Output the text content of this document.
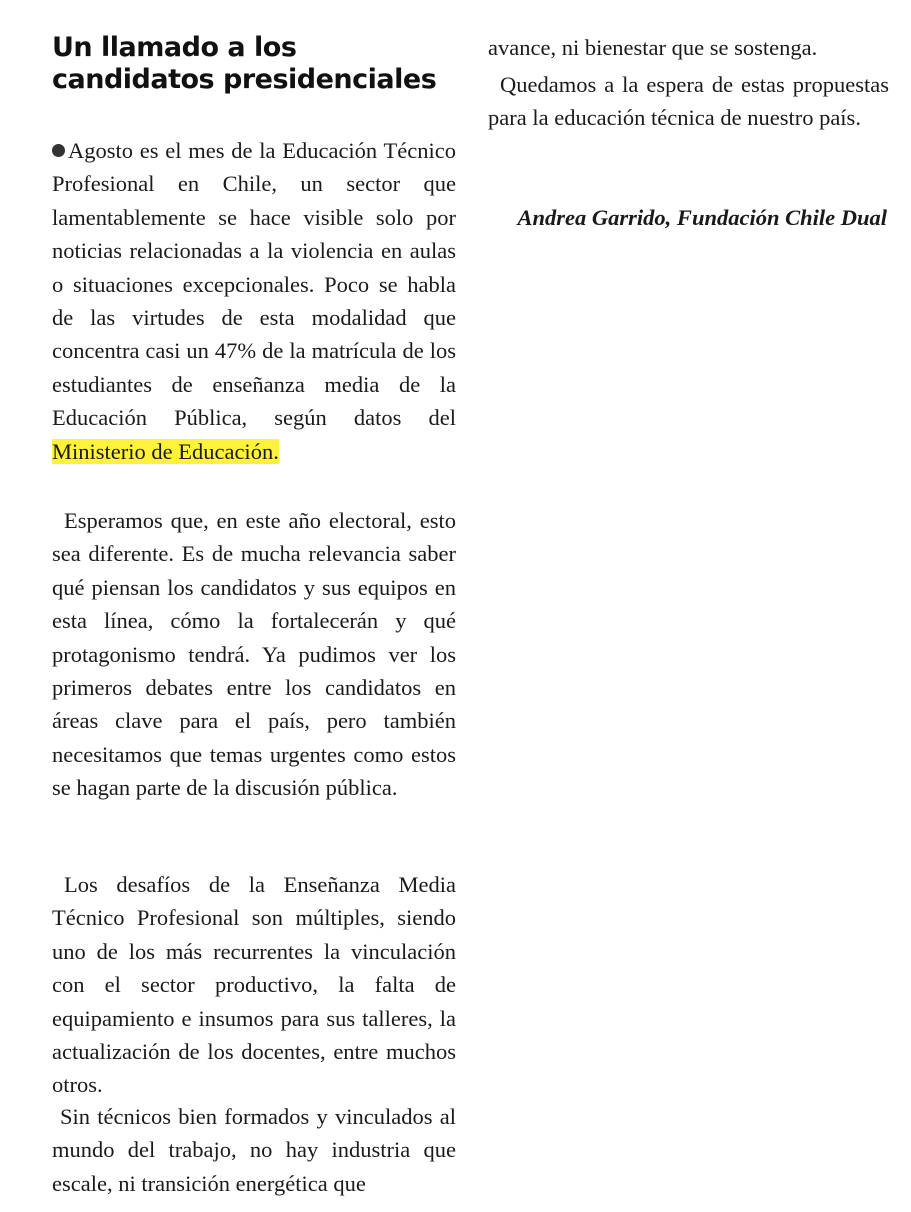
Un llamado a los candidatos presidenciales

Agosto es el mes de la Educación Técnico Profesional en Chile, un sector que lamentablemente se hace visible solo por noticias relacionadas a la violencia en aulas o situaciones excepcionales. Poco se habla de las virtudes de esta modalidad que concentra casi un 47% de la matrícula de los estudiantes de enseñanza media de la Educación Pública, según datos del Ministerio de Educación.

Esperamos que, en este año electoral, esto sea diferente. Es de mucha relevancia saber qué piensan los candidatos y sus equipos en esta línea, cómo la fortalecerán y qué protagonismo tendrá. Ya pudimos ver los primeros debates entre los candidatos en áreas clave para el país, pero también necesitamos que temas urgentes como estos se hagan parte de la discusión pública.

Los desafíos de la Enseñanza Media Técnico Profesional son múltiples, siendo uno de los más recurrentes la vinculación con el sector productivo, la falta de equipamiento e insumos para sus talleres, la actualización de los docentes, entre muchos otros.

Sin técnicos bien formados y vinculados al mundo del trabajo, no hay industria que escale, ni transición energética que

avance, ni bienestar que se sostenga.

Quedamos a la espera de estas propuestas para la educación técnica de nuestro país.

Andrea Garrido, Fundación Chile Dual
